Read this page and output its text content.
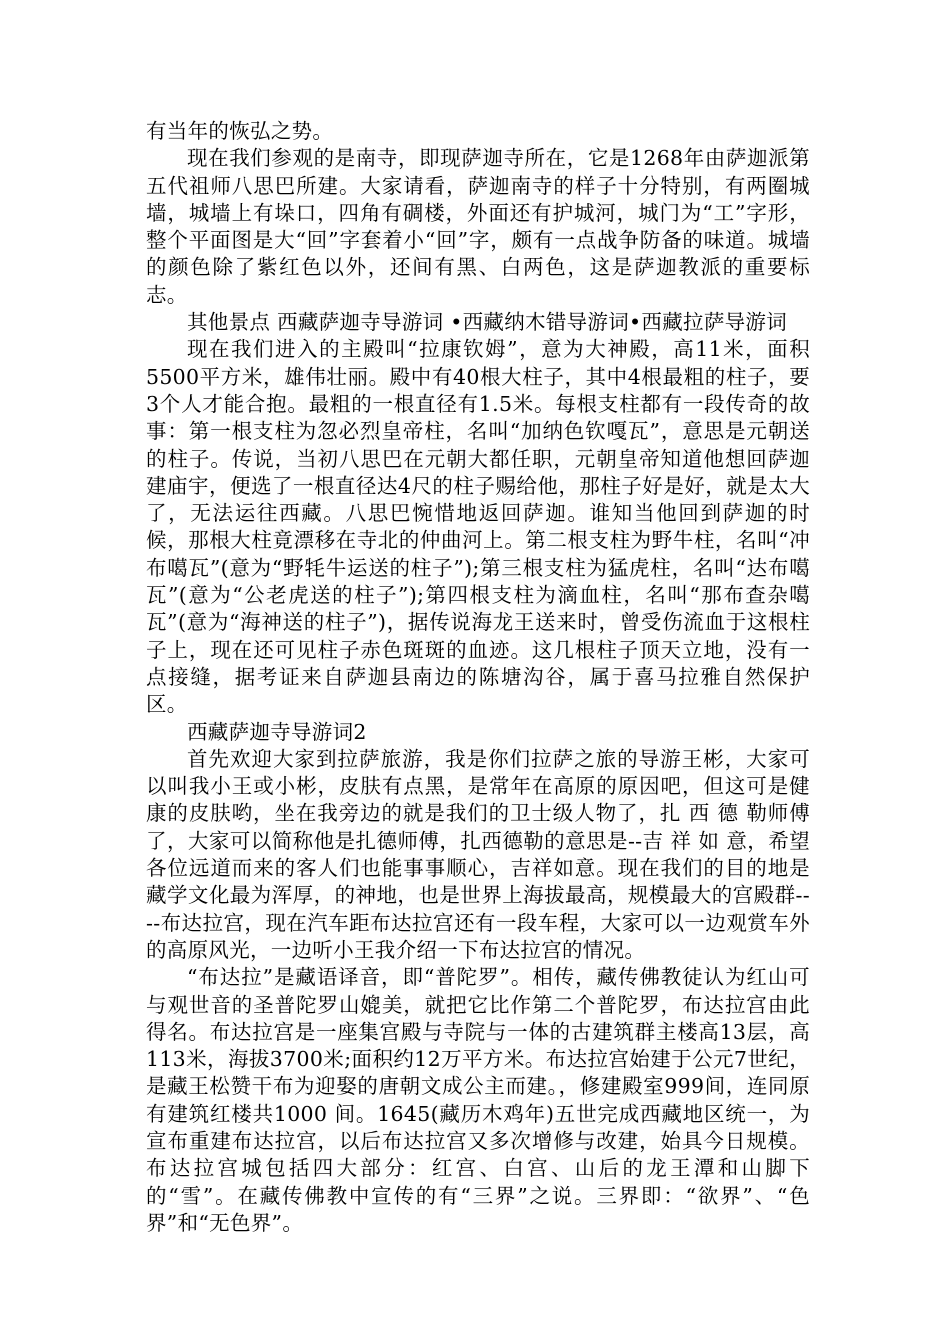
有当年的恢弘之势。

现在我们参观的是南寺，即现萨迦寺所在，它是1268年由萨迦派第五代祖师八思巴所建。大家请看，萨迦南寺的样子十分特别，有两圈城墙，城墙上有垛口，四角有碉楼，外面还有护城河，城门为“工”字形，整个平面图是大“回”字套着小“回”字，颇有一点战争防备的味道。城墙的颜色除了紫红色以外，还间有黑、白两色，这是萨迦教派的重要标志。

其他景点 西藏萨迦寺导游词 •西藏纳木错导游词•西藏拉萨导游词

现在我们进入的主殿叫“拉康钦姆”，意为大神殿，高11米，面积5500平方米，雄伟壮丽。殿中有40根大柱子，其中4根最粗的柱子，要3个人才能合抱。最粗的一根直径有1.5米。每根支柱都有一段传奇的故事：第一根支柱为忽必烈皇帝柱，名叫“加纳色钦嘎瓦”，意思是元朝送的柱子。传说，当初八思巴在元朝大都任职，元朝皇帝知道他想回萨迦建庙宇，便选了一根直径达4尺的柱子赐给他，那柱子好是好，就是太大了，无法运往西藏。八思巴惋惜地返回萨迦。谁知当他回到萨迦的时候，那根大柱竟漂移在寺北的仲曲河上。第二根支柱为野牛柱，名叫“冲布噶瓦”(意为“野牦牛运送的柱子”);第三根支柱为猛虎柱，名叫“达布噶瓦”(意为“公老虎送的柱子”);第四根支柱为滴血柱，名叫“那布查杂噶瓦”(意为“海神送的柱子”)，据传说海龙王送来时，曾受伤流血于这根柱子上，现在还可见柱子赤色斑斑的血迹。这几根柱子顶天立地，没有一点接缝，据考证来自萨迦县南边的陈塘沟谷，属于喜马拉雅自然保护区。

西藏萨迦寺导游词2

首先欢迎大家到拉萨旅游，我是你们拉萨之旅的导游王彬，大家可以叫我小王或小彬，皮肤有点黑，是常年在高原的原因吧，但这可是健康的皮肤哟，坐在我旁边的就是我们的卫士级人物了，扎 西 德 勒师傅了，大家可以简称他是扎德师傅，扎西德勒的意思是--吉 祥 如 意，希望各位远道而来的客人们也能事事顺心，吉祥如意。现在我们的目的地是藏学文化最为浑厚，的神地，也是世界上海拔最高，规模最大的宫殿群----布达拉宫，现在汽车距布达拉宫还有一段车程，大家可以一边观赏车外的高原风光，一边听小王我介绍一下布达拉宫的情况。

“布达拉”是藏语译音，即“普陀罗”。相传，藏传佛教徒认为红山可与观世音的圣普陀罗山媲美，就把它比作第二个普陀罗，布达拉宫由此得名。布达拉宫是一座集宫殿与寺院与一体的古建筑群主楼高13层，高113米，海拔3700米;面积约12万平方米。布达拉宫始建于公元7世纪，是藏王松赞干布为迎娶的唐朝文成公主而建。，修建殿室999间，连同原有建筑红楼共1000 间。1645(藏历木鸡年)五世完成西藏地区统一，为宣布重建布达拉宫，以后布达拉宫又多次增修与改建，始具今日规模。布达拉宫城包括四大部分：红宫、白宫、山后的龙王潭和山脚下的“雪”。在藏传佛教中宣传的有“三界”之说。三界即：“欲界”、“色界”和“无色界”。
